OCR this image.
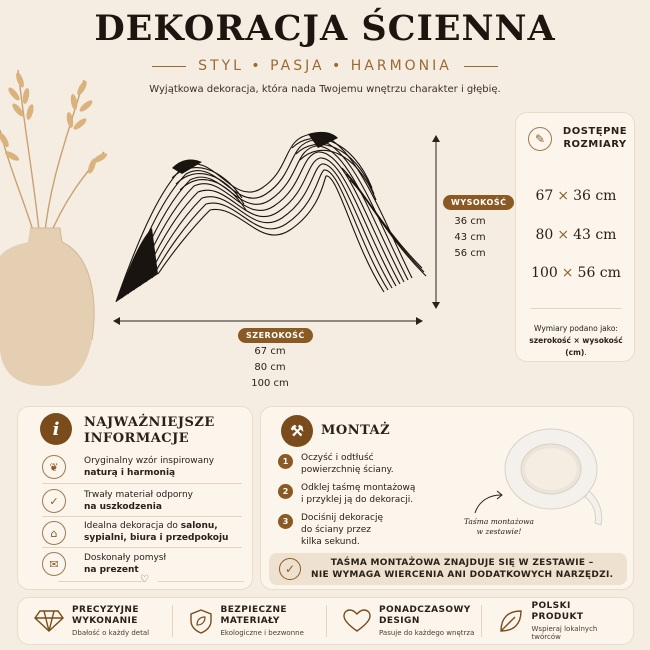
DEKORACJA ŚCIENNA
STYL • PASJA • HARMONIA
Wyjątkowa dekoracja, która nada Twojemu wnętrzu charakter i głębię.
WYSOKOŚĆ
36 cm
43 cm
56 cm
SZEROKOŚĆ
67 cm
80 cm
100 cm
✎
DOSTĘPNE
ROZMIARY
67 × 36 cm
80 × 43 cm
100 × 56 cm
Wymiary podano jako:
szerokość × wysokość (cm).
i	NAJWAŻNIEJSZE
INFORMACJE
❦	Oryginalny wzór inspirowany
naturą i harmonią
✓	Trwały materiał odporny
na uszkodzenia
⌂
Idealna dekoracja do salonu,
sypialni, biura i przedpokoju
✉	Doskonały pomysł
na prezent
♡
⚒	MONTAŻ
1	Oczyść i odtłuść
powierzchnię ściany.
2	Odklej taśmę montażową
i przyklej ją do dekoracji.
3	Dociśnij dekorację
do ściany przez
kilka sekund.
Taśma montażowa
w zestawie!
✓	TAŚMA MONTAŻOWA ZNAJDUJE SIĘ W ZESTAWIE –
NIE WYMAGA WIERCENIA ANI DODATKOWYCH NARZĘDZI.
PRECYZYJNE
WYKONANIE
Dbałość o każdy detal
BEZPIECZNE
MATERIAŁY
Ekologiczne i bezwonne
PONADCZASOWY
DESIGN
Pasuje do każdego wnętrza
POLSKI
PRODUKT
Wspieraj lokalnych
twórców
